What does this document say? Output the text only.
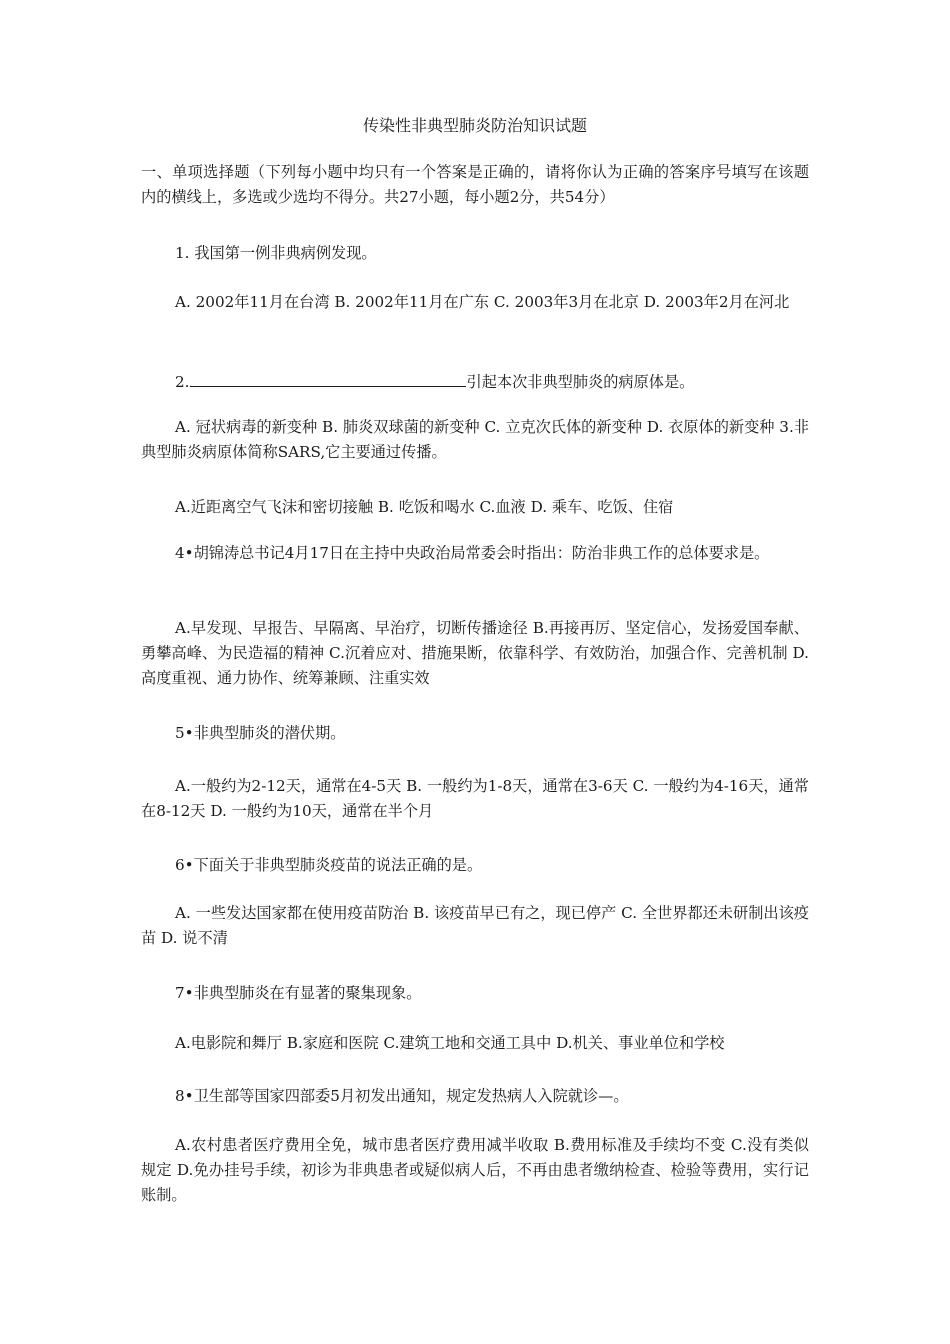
传染性非典型肺炎防治知识试题
一、单项选择题（下列每小题中均只有一个答案是正确的，请将你认为正确的答案序号填写在该题内的横线上，多选或少选均不得分。共27小题，每小题2分，共54分）
1. 我国第一例非典病例发现。
A. 2002年11月在台湾 B. 2002年11月在广东 C. 2003年3月在北京 D. 2003年2月在河北
2.	引起本次非典型肺炎的病原体是。
A. 冠状病毒的新变种 B. 肺炎双球菌的新变种 C. 立克次氏体的新变种 D. 衣原体的新变种 3.非典型肺炎病原体简称SARS,它主要通过传播。
A.近距离空气飞沫和密切接触 B. 吃饭和喝水 C.血液 D. 乘车、吃饭、住宿
4•胡锦涛总书记4月17日在主持中央政治局常委会时指出：防治非典工作的总体要求是。
A.早发现、早报告、早隔离、早治疗，切断传播途径 B.再接再厉、坚定信心，发扬爱国奉献、勇攀高峰、为民造福的精神 C.沉着应对、措施果断，依靠科学、有效防治，加强合作、完善机制 D.高度重视、通力协作、统筹兼顾、注重实效
5•非典型肺炎的潜伏期。
A.一般约为2-12天，通常在4-5天 B. 一般约为1-8天，通常在3-6天 C. 一般约为4-16天，通常在8-12天 D. 一般约为10天，通常在半个月
6•下面关于非典型肺炎疫苗的说法正确的是。
A. 一些发达国家都在使用疫苗防治 B. 该疫苗早已有之，现已停产 C. 全世界都还未研制出该疫苗 D. 说不清
7•非典型肺炎在有显著的聚集现象。
A.电影院和舞厅 B.家庭和医院 C.建筑工地和交通工具中 D.机关、事业单位和学校
8•卫生部等国家四部委5月初发出通知，规定发热病人入院就诊—。
A.农村患者医疗费用全免，城市患者医疗费用减半收取 B.费用标准及手续均不变 C.没有类似规定 D.免办挂号手续，初诊为非典患者或疑似病人后，不再由患者缴纳检查、检验等费用，实行记账制。
